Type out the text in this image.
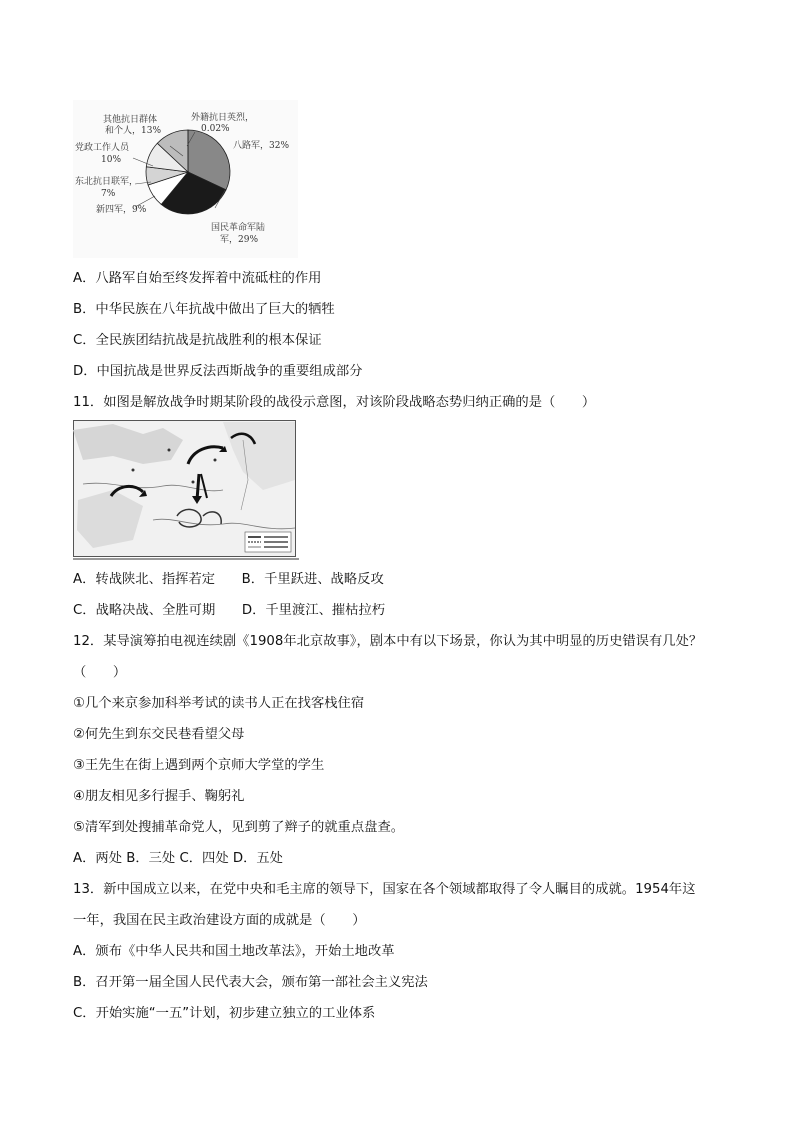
其他抗日群体
和个人，13%
外籍抗日英烈，
0.02%
党政工作人员
10%
东北抗日联军，
7%
新四军，9%
八路军，32%
国民革命军陆
军，29%
A．八路军自始至终发挥着中流砥柱的作用
B．中华民族在八年抗战中做出了巨大的牺牲
C．全民族团结抗战是抗战胜利的根本保证
D．中国抗战是世界反法西斯战争的重要组成部分
11．如图是解放战争时期某阶段的战役示意图，对该阶段战略态势归纳正确的是（　　）
A．转战陕北、指挥若定　　B．千里跃进、战略反攻
C．战略决战、全胜可期　　D．千里渡江、摧枯拉朽
12．某导演筹拍电视连续剧《1908年北京故事》，剧本中有以下场景，你认为其中明显的历史错误有几处？
（　　）
①几个来京参加科举考试的读书人正在找客栈住宿
②何先生到东交民巷看望父母
③王先生在街上遇到两个京师大学堂的学生
④朋友相见多行握手、鞠躬礼
⑤清军到处搜捕革命党人，见到剪了辫子的就重点盘查。
A．两处 B．三处 C．四处 D．五处
13．新中国成立以来，在党中央和毛主席的领导下，国家在各个领域都取得了令人瞩目的成就。1954年这
一年，我国在民主政治建设方面的成就是（　　）
A．颁布《中华人民共和国土地改革法》，开始土地改革
B．召开第一届全国人民代表大会，颁布第一部社会主义宪法
C．开始实施“一五”计划，初步建立独立的工业体系
